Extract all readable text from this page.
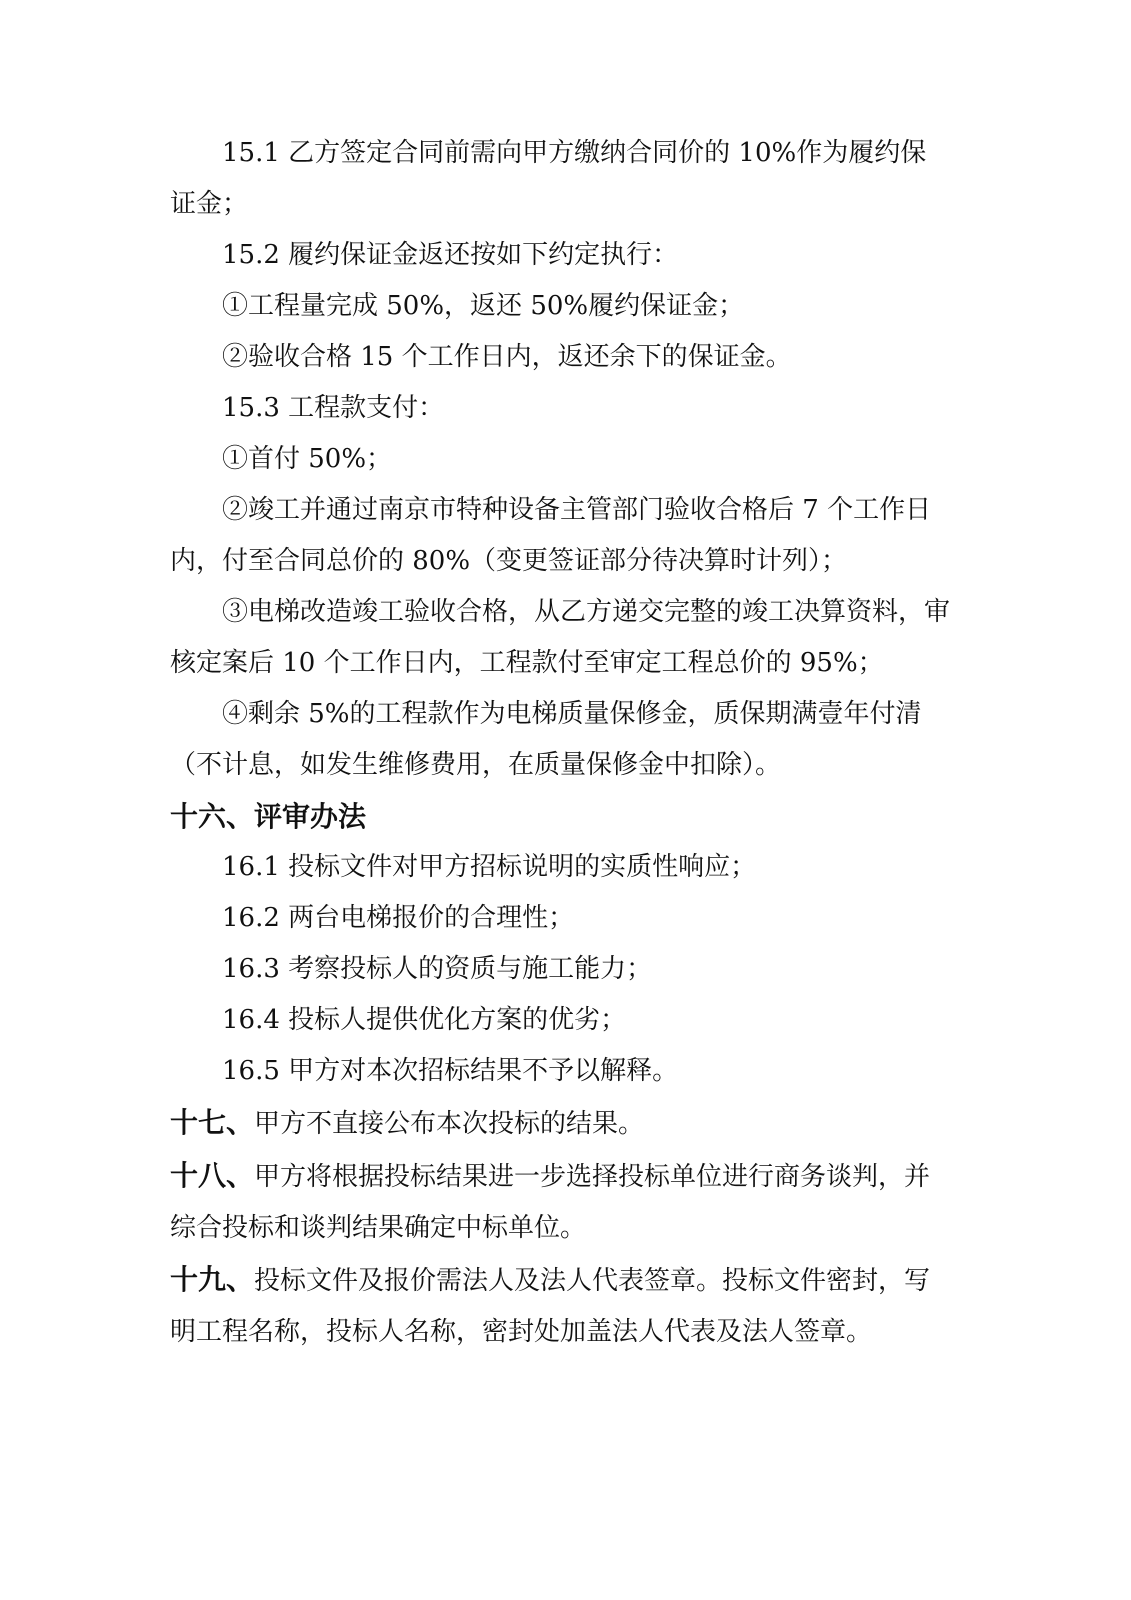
15.1 乙方签定合同前需向甲方缴纳合同价的 10%作为履约保证金；

15.2 履约保证金返还按如下约定执行：

①工程量完成 50%，返还 50%履约保证金；

②验收合格 15 个工作日内，返还余下的保证金。

15.3 工程款支付：

①首付 50%；

②竣工并通过南京市特种设备主管部门验收合格后 7 个工作日内，付至合同总价的 80%（变更签证部分待决算时计列）；

③电梯改造竣工验收合格，从乙方递交完整的竣工决算资料，审核定案后 10 个工作日内，工程款付至审定工程总价的 95%；

④剩余 5%的工程款作为电梯质量保修金，质保期满壹年付清（不计息，如发生维修费用，在质量保修金中扣除）。

十六、评审办法

16.1 投标文件对甲方招标说明的实质性响应；

16.2 两台电梯报价的合理性；

16.3 考察投标人的资质与施工能力；

16.4 投标人提供优化方案的优劣；

16.5 甲方对本次招标结果不予以解释。

十七、甲方不直接公布本次投标的结果。

十八、甲方将根据投标结果进一步选择投标单位进行商务谈判，并综合投标和谈判结果确定中标单位。

十九、投标文件及报价需法人及法人代表签章。投标文件密封，写明工程名称，投标人名称，密封处加盖法人代表及法人签章。
